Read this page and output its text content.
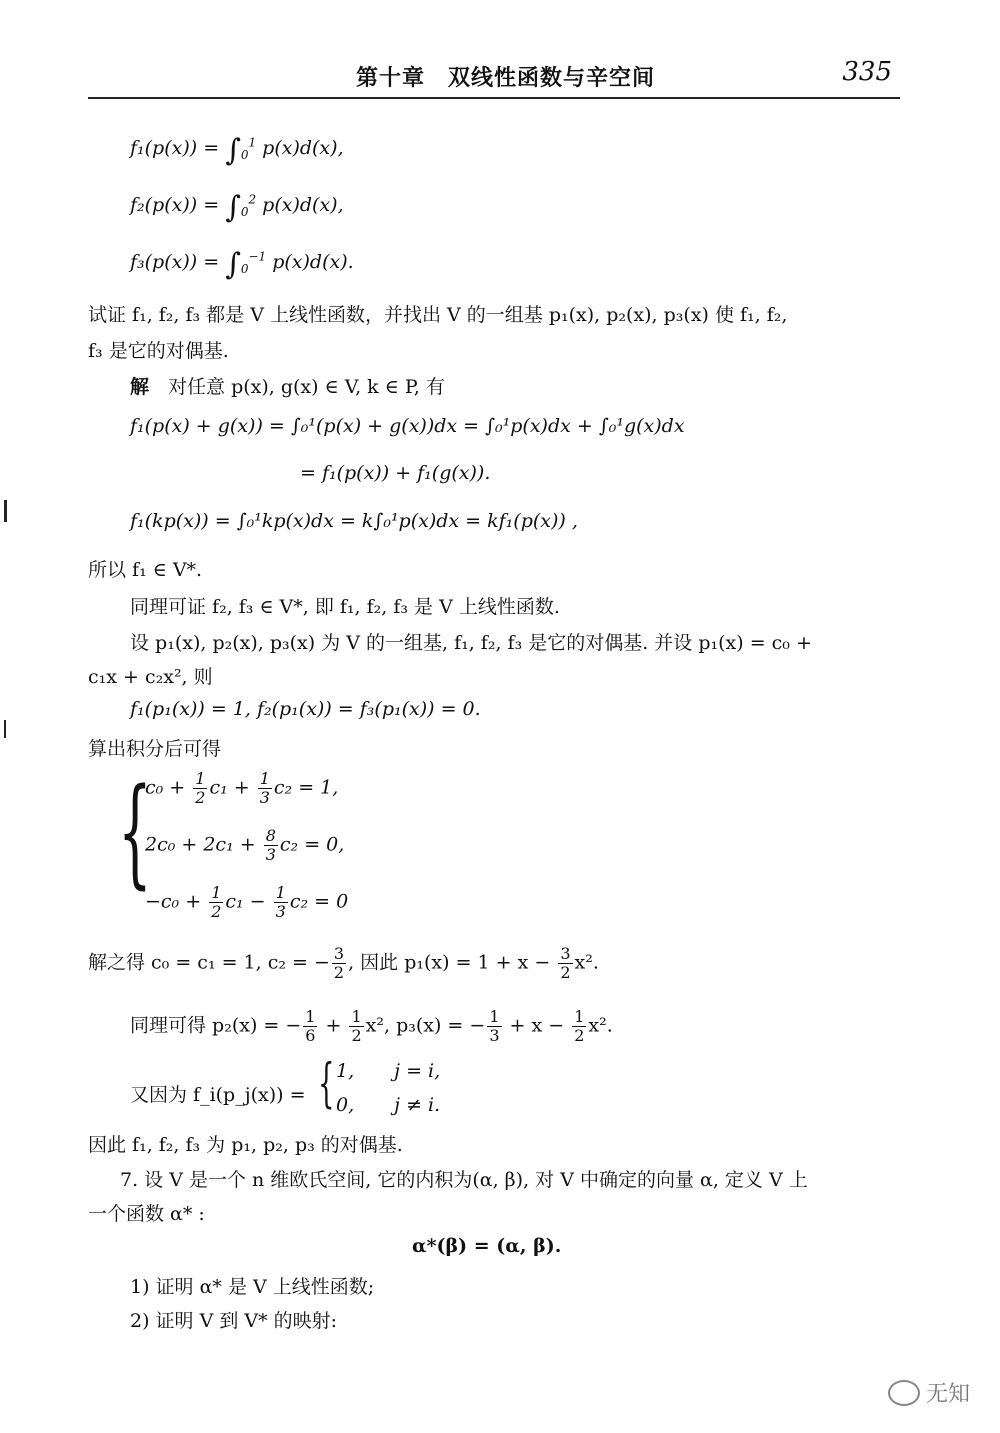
第十章　双线性函数与辛空间	335
$f_1(p(x)) = \int_0^1$ p(x)d(x),
$f_2(p(x)) = \int_0^2$ p(x)d(x),
$f_3(p(x)) = \int_0^{-1}$ p(x)d(x).
试证 f₁, f₂, f₃ 都是 V 上线性函数，并找出 V 的一组基 p₁(x), p₂(x), p₃(x) 使 f₁, f₂,
f₃ 是它的对偶基.
解　 对任意 p(x), g(x) ∈ V, k ∈ P, 有
f₁(p(x) + g(x)) = ∫₀¹(p(x) + g(x))dx = ∫₀¹p(x)dx + ∫₀¹g(x)dx
= f₁(p(x)) + f₁(g(x)).
f₁(kp(x)) = ∫₀¹kp(x)dx = k∫₀¹p(x)dx = kf₁(p(x)) ,
所以 f₁ ∈ V*.
同理可证 f₂, f₃ ∈ V*, 即 f₁, f₂, f₃ 是 V 上线性函数.
设 p₁(x), p₂(x), p₃(x) 为 V 的一组基, f₁, f₂, f₃ 是它的对偶基. 并设 p₁(x) = c₀ +
c₁x + c₂x², 则
f₁(p₁(x)) = 1, f₂(p₁(x)) = f₃(p₁(x)) = 0.
算出积分后可得
{
$c_0 + \frac{1}{2} c_1 + \frac{1}{3} c_2 = 1$,
$2c_0 + 2c_1 + \frac{8}{3} c_2 = 0$,
$-c_0 + \frac{1}{2} c_1 - \frac{1}{3} c_2 = 0$
解之得 c₀ = c₁ = 1, c₂ = − $\frac{3}{2}$ , 因此 $p_1(x) = 1 + x - \frac{3}{2} x^2$.
同理可得 p₂(x) = − $\frac{1}{6} + \frac{1}{2} x^2$, p₃(x) = − $\frac{1}{3} + x - \frac{1}{2} x^2$.
又因为 f_i(p_j(x)) = { 1, j = i,
0, j ≠ i.
因此 f₁, f₂, f₃ 为 p₁, p₂, p₃ 的对偶基.
7. 设 V 是一个 n 维欧氏空间, 它的内积为(α, β), 对 V 中确定的向量 α, 定义 V 上
一个函数 α* :
α*(β) = (α, β).
1) 证明 α* 是 V 上线性函数;
2) 证明 V 到 V* 的映射:
无知
